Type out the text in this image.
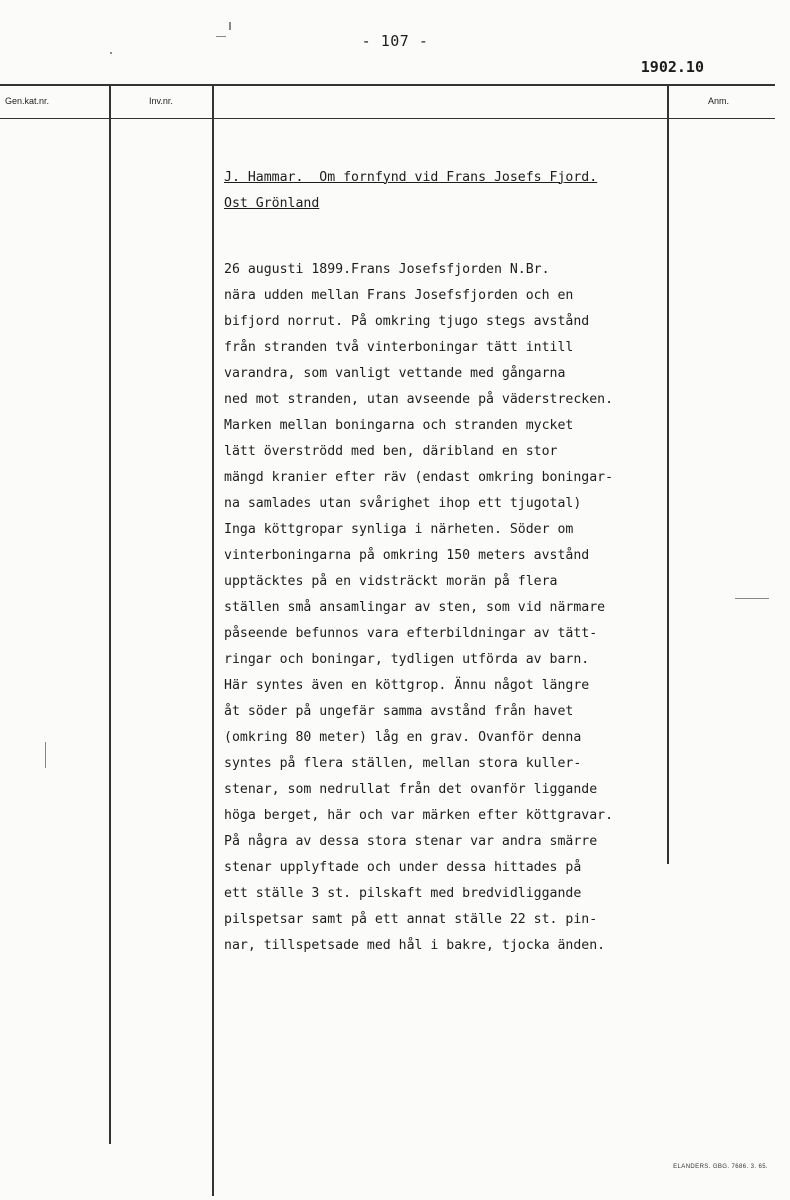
- 107 -
1902.10
Gen.kat.nr.	Inv.nr.	Anm.
J. Hammar.  Om fornfynd vid Frans Josefs Fjord.
Ost Grönland
26 augusti 1899.Frans Josefsfjorden N.Br.
nära udden mellan Frans Josefsfjorden och en
bifjord norrut. På omkring tjugo stegs avstånd
från stranden två vinterboningar tätt intill
varandra, som vanligt vettande med gångarna
ned mot stranden, utan avseende på väderstrecken.
Marken mellan boningarna och stranden mycket
lätt överströdd med ben, däribland en stor
mängd kranier efter räv (endast omkring boningar-
na samlades utan svårighet ihop ett tjugotal)
Inga köttgropar synliga i närheten. Söder om
vinterboningarna på omkring 150 meters avstånd
upptäcktes på en vidsträckt morän på flera
ställen små ansamlingar av sten, som vid närmare
påseende befunnos vara efterbildningar av tätt-
ringar och boningar, tydligen utförda av barn.
Här syntes även en köttgrop. Ännu något längre
åt söder på ungefär samma avstånd från havet
(omkring 80 meter) låg en grav. Ovanför denna
syntes på flera ställen, mellan stora kuller-
stenar, som nedrullat från det ovanför liggande
höga berget, här och var märken efter köttgravar.
På några av dessa stora stenar var andra smärre
stenar upplyftade och under dessa hittades på
ett ställe 3 st. pilskaft med bredvidliggande
pilspetsar samt på ett annat ställe 22 st. pin-
nar, tillspetsade med hål i bakre, tjocka änden.
ELANDERS. GBG. 7686. 3. 65.
